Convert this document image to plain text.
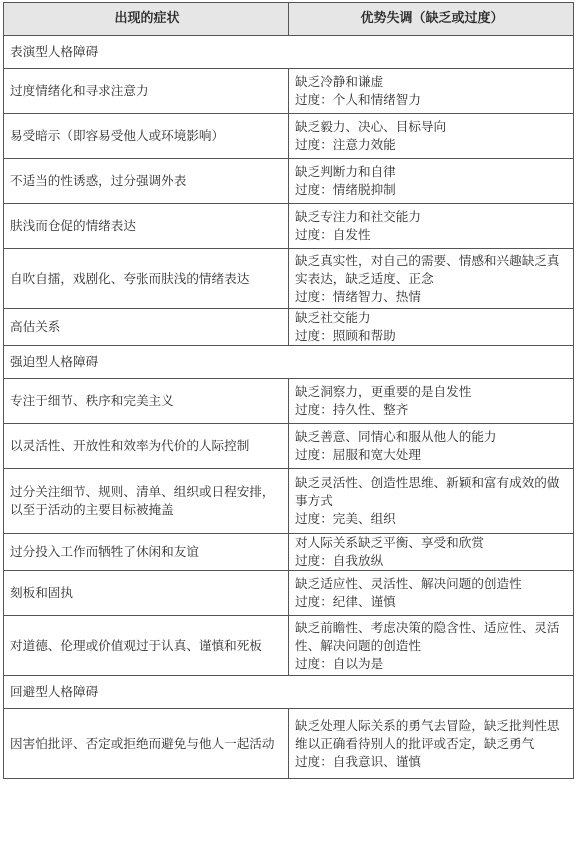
出现的症状	优势失调（缺乏或过度）
表演型人格障碍	
过度情绪化和寻求注意力	缺乏冷静和谦虚
过度：个人和情绪智力

易受暗示（即容易受他人或环境影响）	缺乏毅力、决心、目标导向
过度：注意力效能

不适当的性诱惑，过分强调外表	缺乏判断力和自律
过度：情绪脱抑制

肤浅而仓促的情绪表达	缺乏专注力和社交能力
过度：自发性

自吹自擂，戏剧化、夸张而肤浅的情绪表达	缺乏真实性，对自己的需要、情感和兴趣缺乏真实表达，缺乏适度、正念
过度：情绪智力、热情

高估关系	缺乏社交能力
过度：照顾和帮助

强迫型人格障碍	
专注于细节、秩序和完美主义	缺乏洞察力，更重要的是自发性
过度：持久性、整齐

以灵活性、开放性和效率为代价的人际控制	缺乏善意、同情心和服从他人的能力
过度：屈服和宽大处理

过分关注细节、规则、清单、组织或日程安排，以至于活动的主要目标被掩盖	缺乏灵活性、创造性思维、新颖和富有成效的做事方式
过度：完美、组织

过分投入工作而牺牲了休闲和友谊	对人际关系缺乏平衡、享受和欣赏
过度：自我放纵

刻板和固执	缺乏适应性、灵活性、解决问题的创造性
过度：纪律、谨慎

对道德、伦理或价值观过于认真、谨慎和死板	缺乏前瞻性、考虑决策的隐含性、适应性、灵活性、解决问题的创造性
过度：自以为是

回避型人格障碍	
因害怕批评、否定或拒绝而避免与他人一起活动	缺乏处理人际关系的勇气去冒险，缺乏批判性思维以正确看待别人的批评或否定，缺乏勇气
过度：自我意识、谨慎
